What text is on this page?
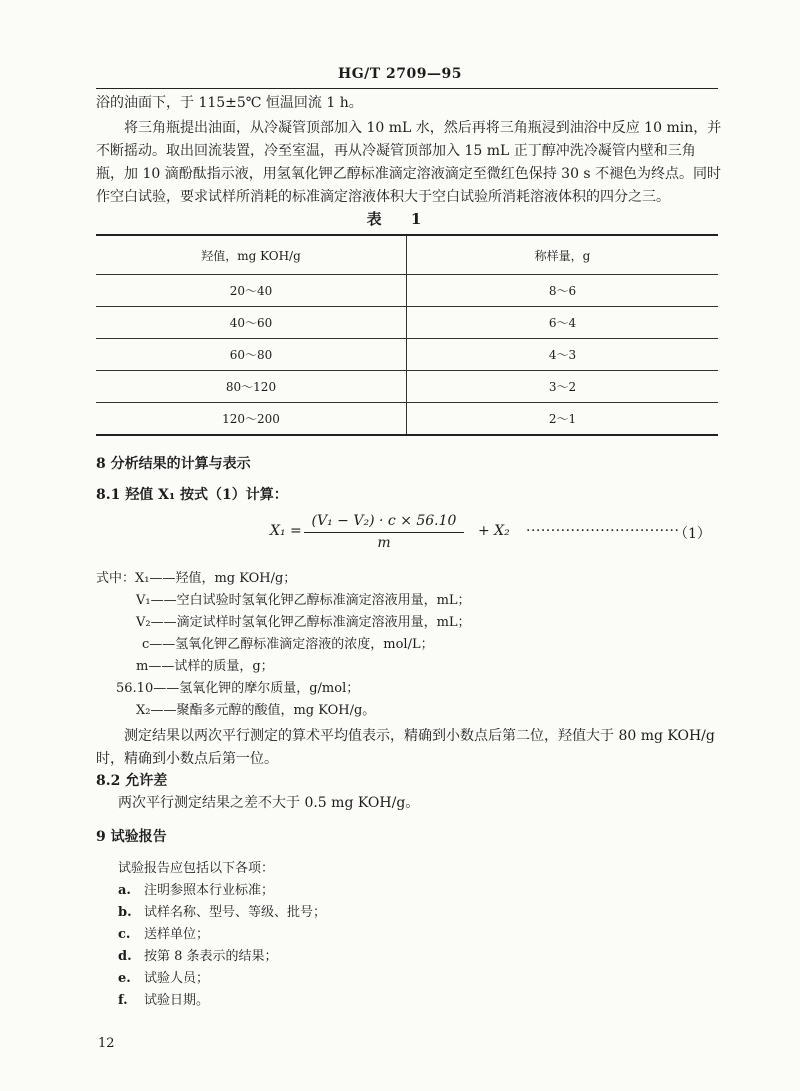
HG/T 2709—95
浴的油面下，于 115±5℃ 恒温回流 1 h。
将三角瓶提出油面，从冷凝管顶部加入 10 mL 水，然后再将三角瓶浸到油浴中反应 10 min，并不断摇动。取出回流装置，冷至室温，再从冷凝管顶部加入 15 mL 正丁醇冲洗冷凝管内壁和三角瓶，加 10 滴酚酞指示液，用氢氧化钾乙醇标准滴定溶液滴定至微红色保持 30 s 不褪色为终点。同时作空白试验，要求试样所消耗的标准滴定溶液体积大于空白试验所消耗溶液体积的四分之三。
表 1
羟值，mg KOH/g	称样量，g
20～40	8～6
40～60	6～4
60～80	4～3
80～120	3～2
120～200	2～1
8 分析结果的计算与表示
8.1 羟值 X₁ 按式（1）计算：
X₁ =
(V₁ − V₂) · c × 56.10
m
+ X₂ ·······························
（1）
式中：X₁——羟值，mg KOH/g；
V₁——空白试验时氢氧化钾乙醇标准滴定溶液用量，mL；
V₂——滴定试样时氢氧化钾乙醇标准滴定溶液用量，mL；
c——氢氧化钾乙醇标准滴定溶液的浓度，mol/L；
m——试样的质量，g；
56.10——氢氧化钾的摩尔质量，g/mol；
X₂——聚酯多元醇的酸值，mg KOH/g。
测定结果以两次平行测定的算术平均值表示，精确到小数点后第二位，羟值大于 80 mg KOH/g 时，精确到小数点后第一位。
8.2 允许差
两次平行测定结果之差不大于 0.5 mg KOH/g。
9 试验报告
试验报告应包括以下各项：
a. 注明参照本行业标准；
b. 试样名称、型号、等级、批号；
c. 送样单位；
d. 按第 8 条表示的结果；
e. 试验人员；
f. 试验日期。
12
